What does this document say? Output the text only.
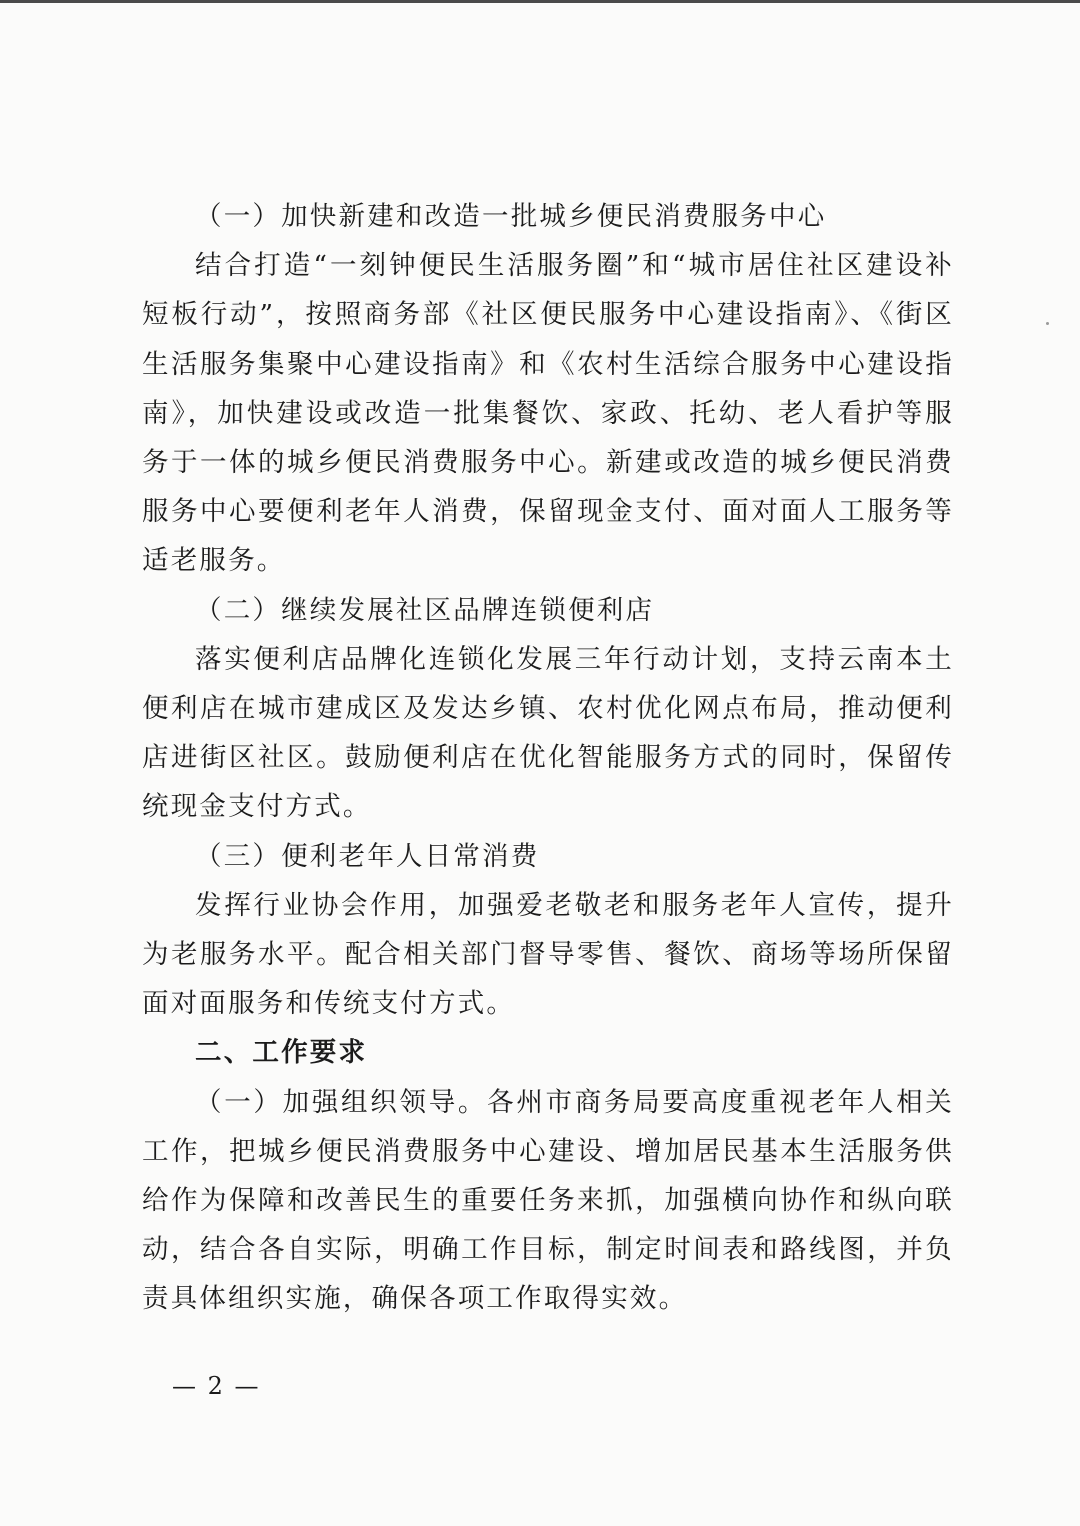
（一）加快新建和改造一批城乡便民消费服务中心

结合打造“一刻钟便民生活服务圈”和“城市居住社区建设补短板行动”，按照商务部《社区便民服务中心建设指南》、《街区生活服务集聚中心建设指南》和《农村生活综合服务中心建设指南》，加快建设或改造一批集餐饮、家政、托幼、老人看护等服务于一体的城乡便民消费服务中心。新建或改造的城乡便民消费服务中心要便利老年人消费，保留现金支付、面对面人工服务等适老服务。

（二）继续发展社区品牌连锁便利店

落实便利店品牌化连锁化发展三年行动计划，支持云南本土便利店在城市建成区及发达乡镇、农村优化网点布局，推动便利店进街区社区。鼓励便利店在优化智能服务方式的同时，保留传统现金支付方式。

（三）便利老年人日常消费

发挥行业协会作用，加强爱老敬老和服务老年人宣传，提升为老服务水平。配合相关部门督导零售、餐饮、商场等场所保留面对面服务和传统支付方式。

二、工作要求

（一）加强组织领导。各州市商务局要高度重视老年人相关工作，把城乡便民消费服务中心建设、增加居民基本生活服务供给作为保障和改善民生的重要任务来抓，加强横向协作和纵向联动，结合各自实际，明确工作目标，制定时间表和路线图，并负责具体组织实施，确保各项工作取得实效。

— 2 —
